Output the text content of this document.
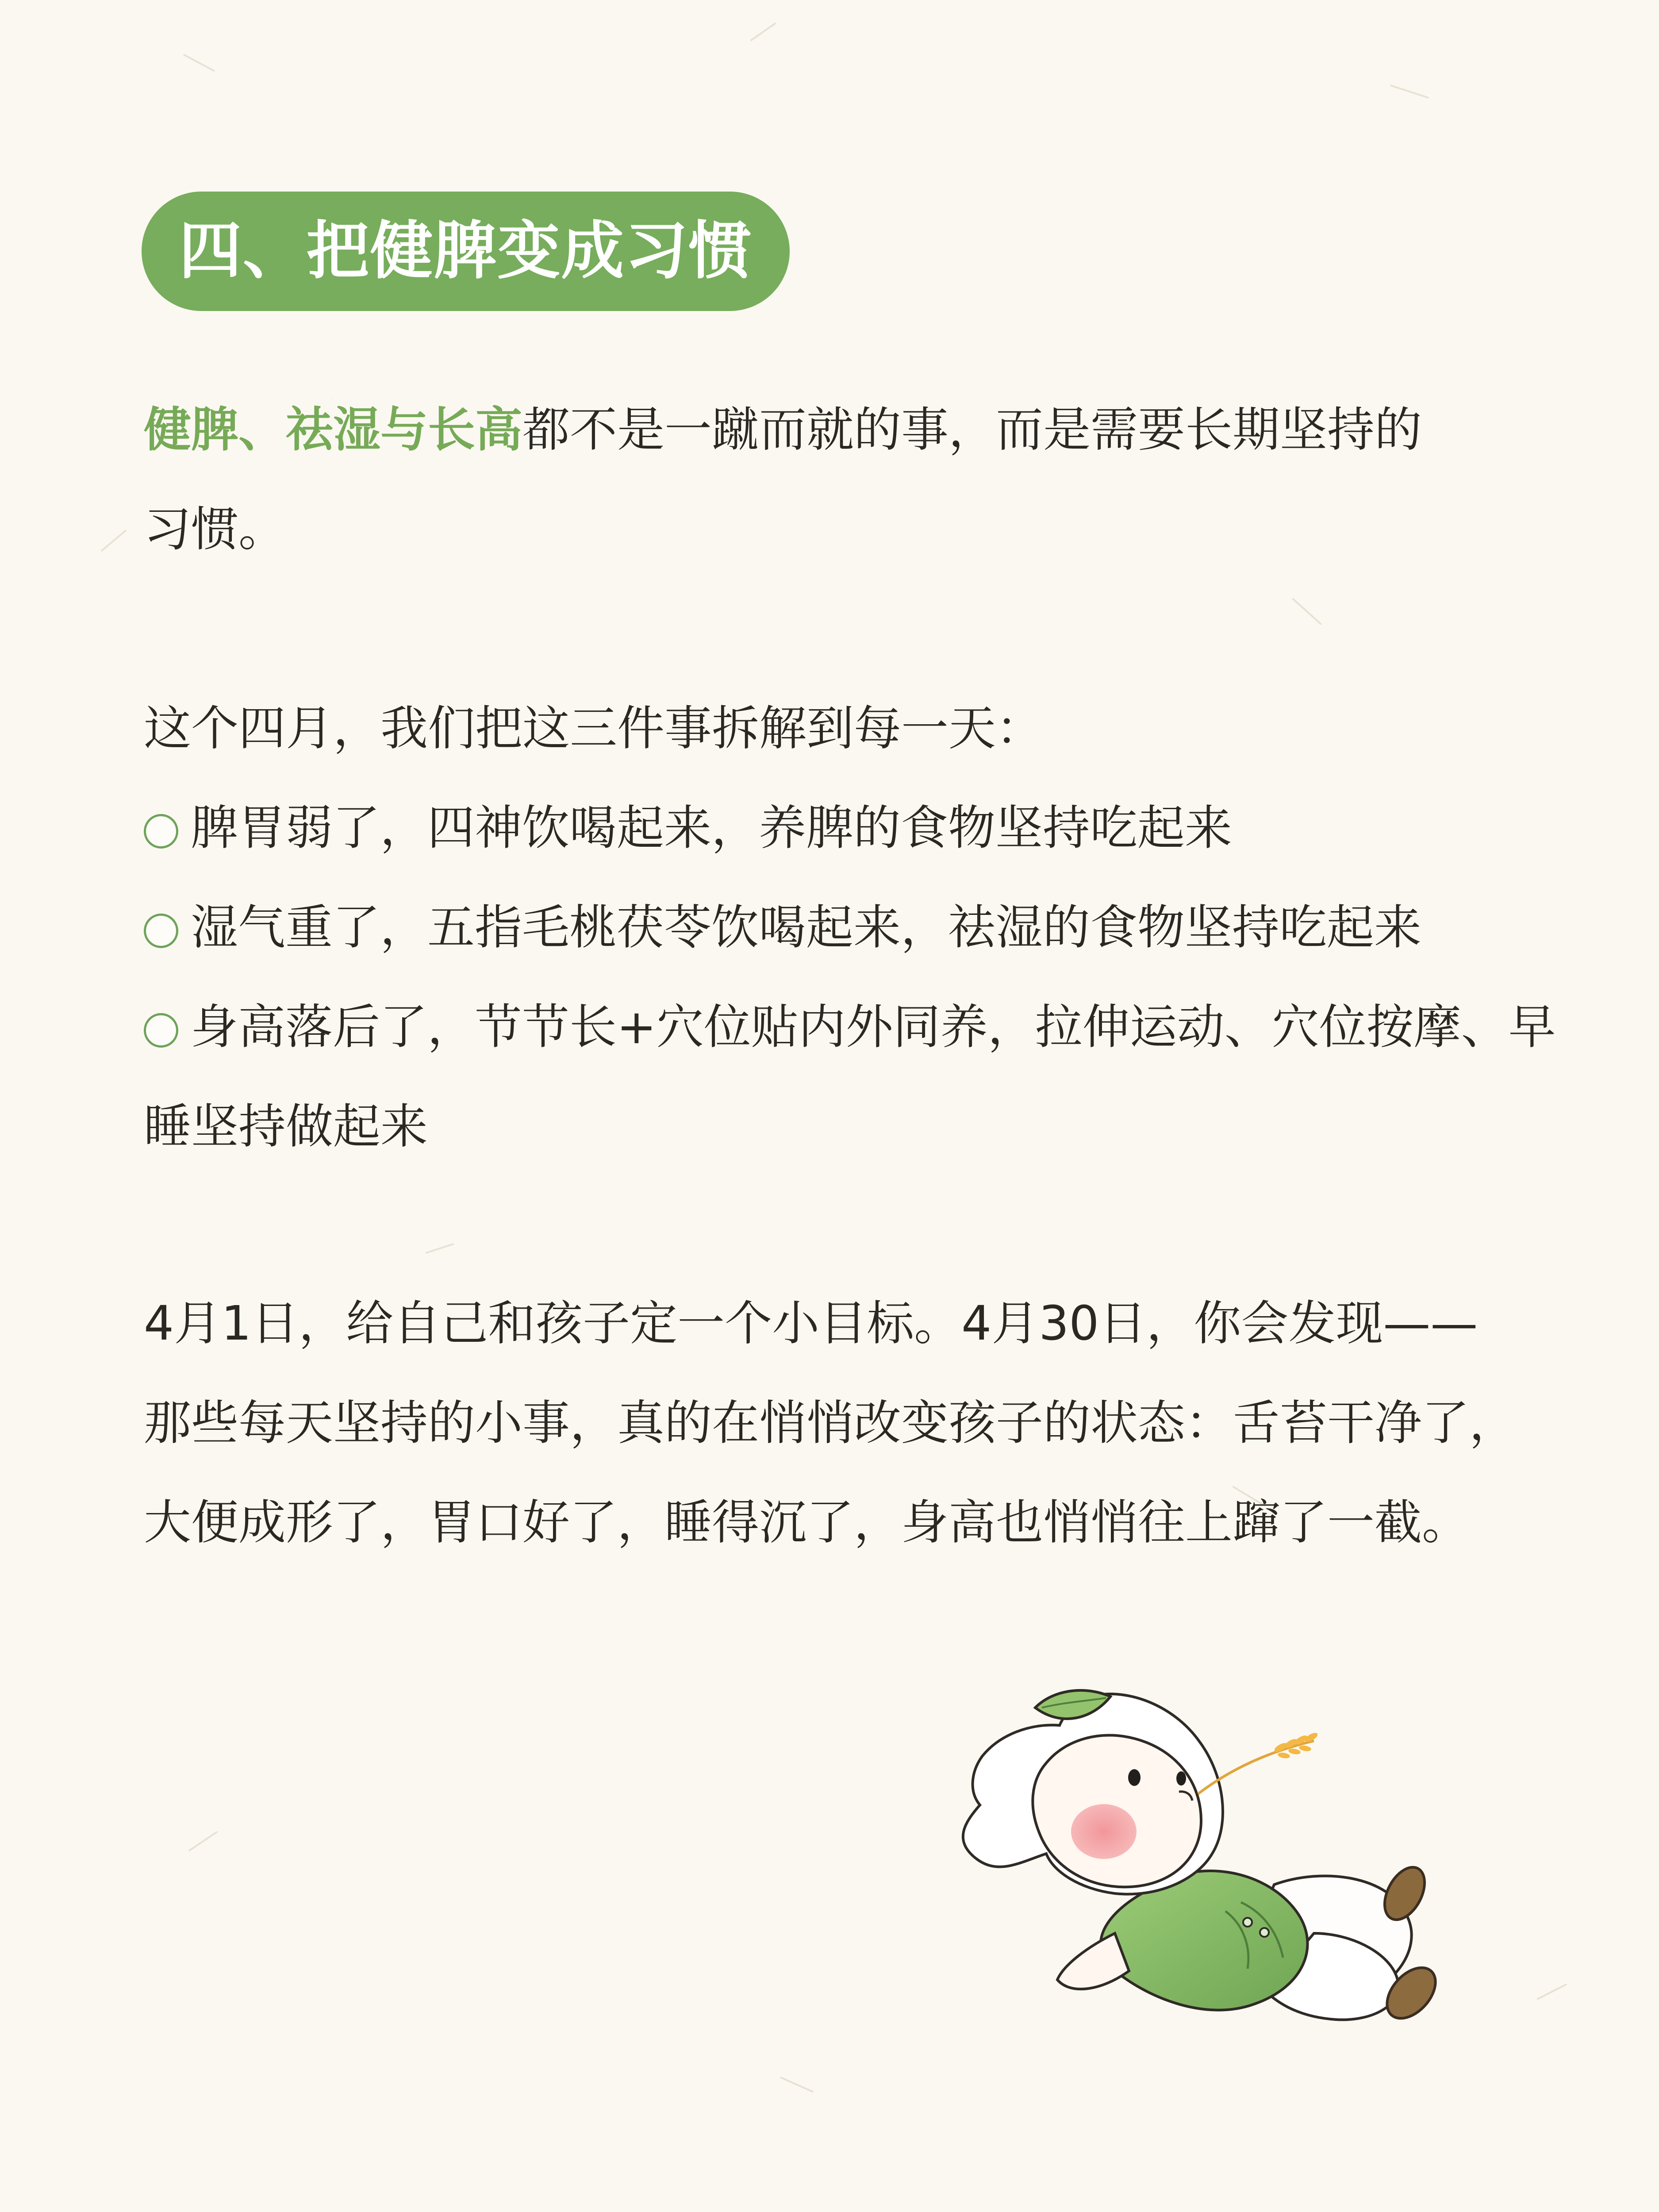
四、把健脾变成习惯
健脾、祛湿与长高都不是一蹴而就的事，而是需要长期坚持的
习惯。
这个四月，我们把这三件事拆解到每一天：
脾胃弱了，四神饮喝起来，养脾的食物坚持吃起来
湿气重了，五指毛桃茯苓饮喝起来，祛湿的食物坚持吃起来
身高落后了，节节长+穴位贴内外同养，拉伸运动、穴位按摩、早
睡坚持做起来
4月1日，给自己和孩子定一个小目标。4月30日，你会发现——
那些每天坚持的小事，真的在悄悄改变孩子的状态：舌苔干净了，
大便成形了，胃口好了，睡得沉了，身高也悄悄往上蹿了一截。
